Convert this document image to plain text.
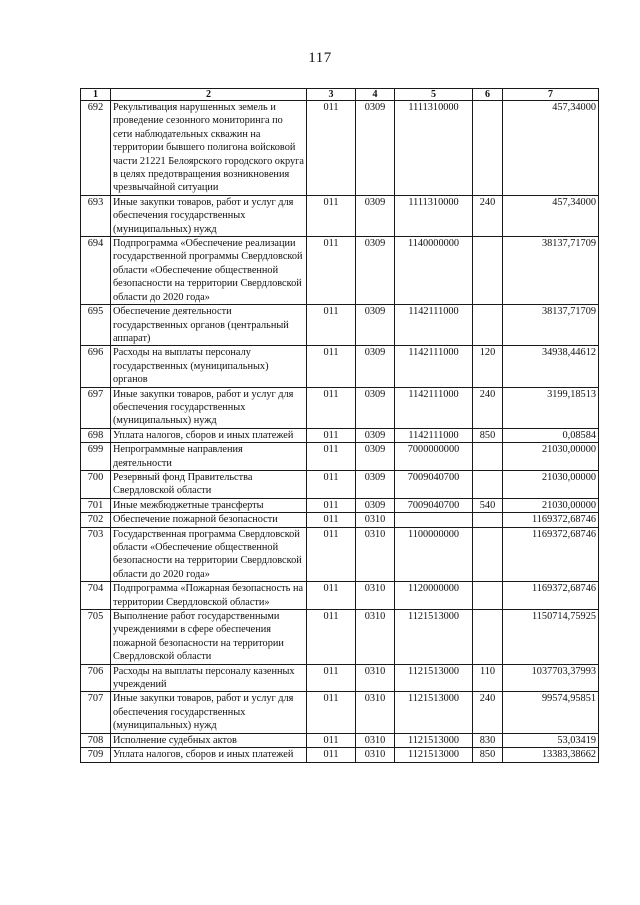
117
1	2	3	4	5	6	7
692	Рекультивация нарушенных земель и проведение сезонного мониторинга по сети наблюдательных скважин на территории бывшего полигона войсковой части 21221 Белоярского городского округа в целях предотвращения возникновения чрезвычайной ситуации	011	0309	1111310000		457,34000
693	Иные закупки товаров, работ и услуг для обеспечения государственных (муниципальных) нужд	011	0309	1111310000	240	457,34000
694	Подпрограмма «Обеспечение реализации государственной программы Свердловской области «Обеспечение общественной безопасности на территории Свердловской области до 2020 года»	011	0309	1140000000		38137,71709
695	Обеспечение деятельности государственных органов (центральный аппарат)	011	0309	1142111000		38137,71709
696	Расходы на выплаты персоналу государственных (муниципальных) органов	011	0309	1142111000	120	34938,44612
697	Иные закупки товаров, работ и услуг для обеспечения государственных (муниципальных) нужд	011	0309	1142111000	240	3199,18513
698	Уплата налогов, сборов и иных платежей	011	0309	1142111000	850	0,08584
699	Непрограммные направления деятельности	011	0309	7000000000		21030,00000
700	Резервный фонд Правительства Свердловской области	011	0309	7009040700		21030,00000
701	Иные межбюджетные трансферты	011	0309	7009040700	540	21030,00000
702	Обеспечение пожарной безопасности	011	0310			1169372,68746
703	Государственная программа Свердловской области «Обеспечение общественной безопасности на территории Свердловской области до 2020 года»	011	0310	1100000000		1169372,68746
704	Подпрограмма «Пожарная безопасность на территории Свердловской области»	011	0310	1120000000		1169372,68746
705	Выполнение работ государственными учреждениями в сфере обеспечения пожарной безопасности на территории Свердловской области	011	0310	1121513000		1150714,75925
706	Расходы на выплаты персоналу казенных учреждений	011	0310	1121513000	110	1037703,37993
707	Иные закупки товаров, работ и услуг для обеспечения государственных (муниципальных) нужд	011	0310	1121513000	240	99574,95851
708	Исполнение судебных актов	011	0310	1121513000	830	53,03419
709	Уплата налогов, сборов и иных платежей	011	0310	1121513000	850	13383,38662
